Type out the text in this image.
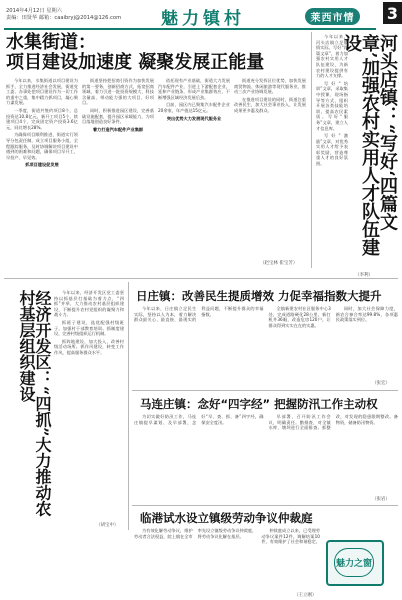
2014年4月12日 星期六
责编：田贤华 邮箱：caaibryj@2014@126.com	魅力镇村	莱西市情	3
水集街道：
项目建设加速度 凝聚发展正能量

今年以来，水集街道以项目建设为抓手，全力推进经济社会发展，街道党工委、办事处把项目建设作为一切工作的重中之重，集中精力抓项目，凝心聚力谋发展。

一季度，街道共签约项目8个，总投资达10.8亿元，新开工项目5个，续建项目4个，完成固定资产投资3.6亿元，同比增长28%。

为确保项目顺利推进，街道实行领导分包责任制，成立项目服务小组，全程跟踪服务，及时协调解决项目建设中遇到的困难和问题，确保项目早开工、早投产、早见效。

抓项目建设促发展

街道坚持把招商引资作为加快发展的第一要务，创新招商方式，拓宽招商领域，着力引进一批投资规模大、科技含量高、带动能力强的大项目、好项目。

同时，积极推进园区建设，完善基础设施配套，提升园区承载能力，为项目落地创造良好条件。

着力打造汽车配件产业集群

依托现有产业基础，街道大力发展汽车配件产业，引进上下游配套企业，延伸产业链条，形成产业集群效应，不断增强区域经济发展后劲。

目前，园区内已聚集汽车配件企业20余家，年产值达15亿元。

突出优势大力发展现代服务业

街道充分发挥区位优势，加快发展商贸物流、休闲旅游等现代服务业，推动三次产业协调发展。

在推进项目建设的同时，街道注重改善民生，加大社会事业投入，让发展成果更多惠及群众。

（赵宝林 崔宝芳）

今年以来，河头店镇立足镇情实际，写好“四篇文章”，着力加强农村实用人才队伍建设，为新农村建设提供有力的人才支撑。

写好“培训”文章，采取集中授课、现场指导等方式，组织开展各类技能培训，提高农民素质。写好“服务”文章，建立人才信息库。

写好“激励”文章，对优秀实用人才给予表彰奖励，营造尊重人才的良好氛围。	河头店镇：“写好‘四篇文章’加强农村实用人才队伍建设
（李利）
经济开发区：“四抓”大力推动农村基层组织建设	今年以来，经济开发区党工委坚持以抓基层打基础为着力点，“四抓”并举，大力推动农村基层组织建设，不断提升农村党组织的凝聚力和战斗力。

抓班子建设，选优配强村级班子，加强村干部教育培训。抓制度建设，完善村级组织运行机制。

抓阵地建设，加大投入，改善村级活动场所。抓作风建设，转变工作作风，提高服务群众水平。

（胡宝中）
日庄镇：改善民生提质增效 力促幸福指数大提升

今年以来，日庄镇立足民生实际，坚持以人为本，着力解决群众最关心、最直接、最现实的利益问题，不断提升群众的幸福指数。

全镇新建农村社区服务中心3处，完成道路硬化28公里，新打机井36眼，改造危房120户，让群众得到实实在在的实惠。

同时，加大社会保障力度，新农合参合率达99.8%，各项惠民政策落实到位。

（张宏）
马连庄镇：念好“四字经” 把握防汛工作主动权

为切实做好防汛工作，马连庄镇提早谋划、及早部署，念好“早、查、抓、备”四字经，确保安全度汛。

早部署，召开防汛工作会议，明确责任。勤排查，对全镇水库、塘坝进行全面排查。抓整改，对发现的隐患限期整改。备物资，储备防汛物资。

（张岩）
临港试水设立镇级劳动争议仲裁庭

为有效化解劳动争议，维护劳动者合法权益，院上镇在全市率先设立镇级劳动争议仲裁庭，将劳动争议化解在基层。

仲裁庭成立以来，已受理劳动争议案件12件，调解结案10件，有效维护了社会和谐稳定。

（王立刚）
魅力之窗
